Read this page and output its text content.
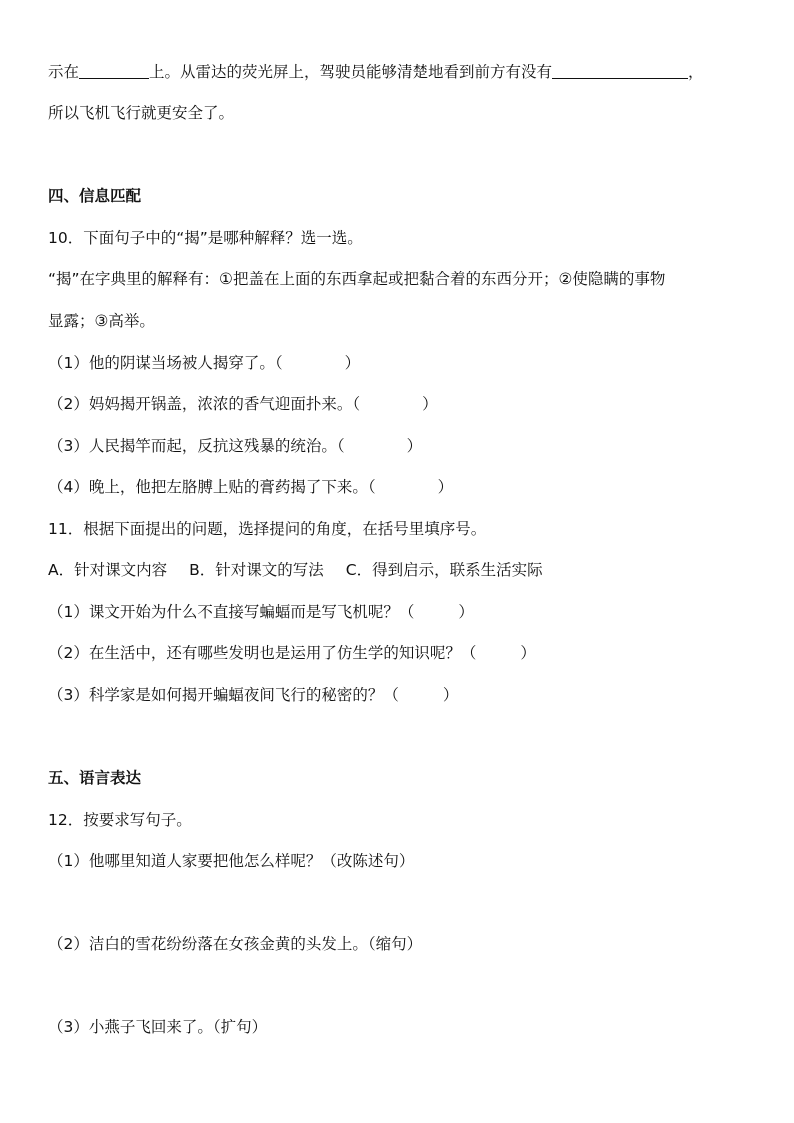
示在	上。从雷达的荧光屏上，驾驶员能够清楚地看到前方有没有	，
所以飞机飞行就更安全了。
四、信息匹配
10．下面句子中的“揭”是哪种解释？选一选。
“揭”在字典里的解释有：①把盖在上面的东西拿起或把黏合着的东西分开；②使隐瞒的事物
显露；③高举。
（1）他的阴谋当场被人揭穿了。（	）
（2）妈妈揭开锅盖，浓浓的香气迎面扑来。（	）
（3）人民揭竿而起，反抗这残暴的统治。（	）
（4）晚上，他把左胳膊上贴的膏药揭了下来。（	）
11．根据下面提出的问题，选择提问的角度，在括号里填序号。
A．针对课文内容 B．针对课文的写法 C．得到启示，联系生活实际
（1）课文开始为什么不直接写蝙蝠而是写飞机呢？（	）
（2）在生活中，还有哪些发明也是运用了仿生学的知识呢？（	）
（3）科学家是如何揭开蝙蝠夜间飞行的秘密的？（	）
五、语言表达
12．按要求写句子。
（1）他哪里知道人家要把他怎么样呢？（改陈述句）
（2）洁白的雪花纷纷落在女孩金黄的头发上。（缩句）
（3）小燕子飞回来了。（扩句）
